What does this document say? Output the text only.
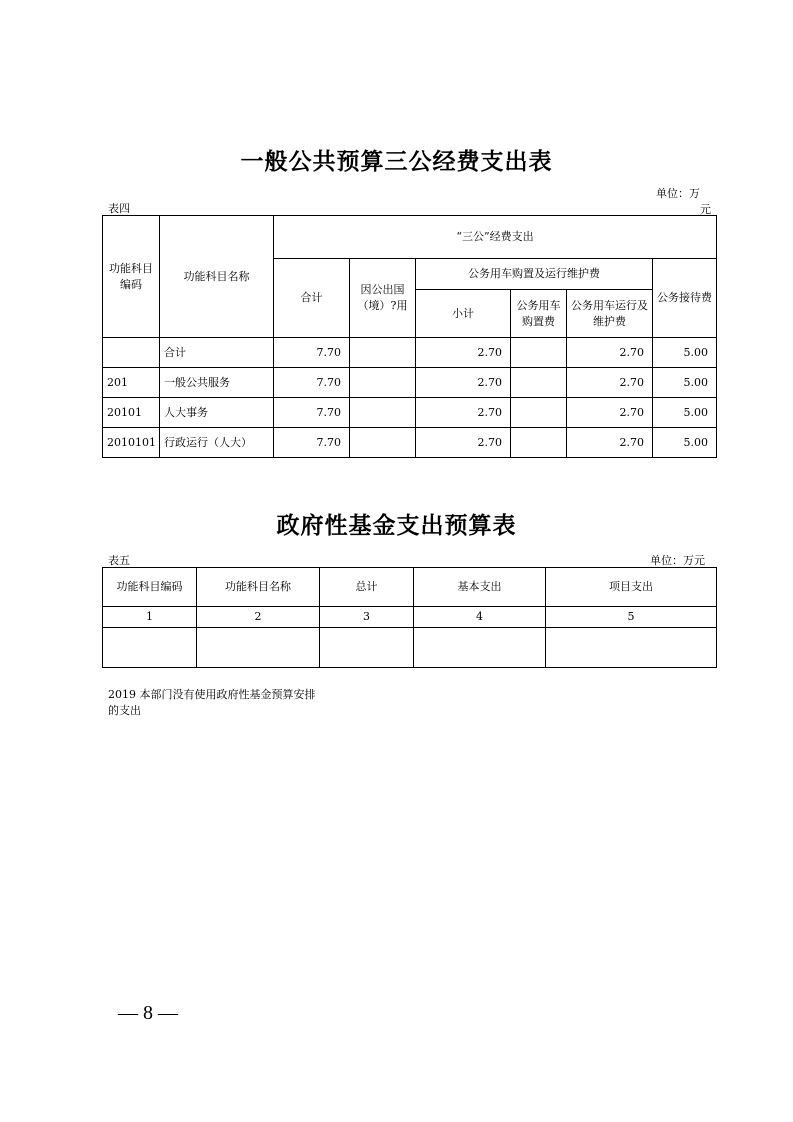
一般公共预算三公经费支出表
单位：万
元
表四
功能科目编码	功能科目名称	“三公”经费支出					
		合计	因公出国（境）?用	公务用车购置及运行维护费			公务接待费
				小计	公务用车购置费	公务用车运行及维护费	
	合计	7.70		2.70		2.70	5.00
201	一般公共服务	7.70		2.70		2.70	5.00
20101	人大事务	7.70		2.70		2.70	5.00
2010101	行政运行（人大）	7.70		2.70		2.70	5.00
政府性基金支出预算表
表五	单位：万元
功能科目编码	功能科目名称	总计	基本支出	项目支出
1	2	3	4	5

2019 本部门没有使用政府性基金预算安排的支出
— 8 —
